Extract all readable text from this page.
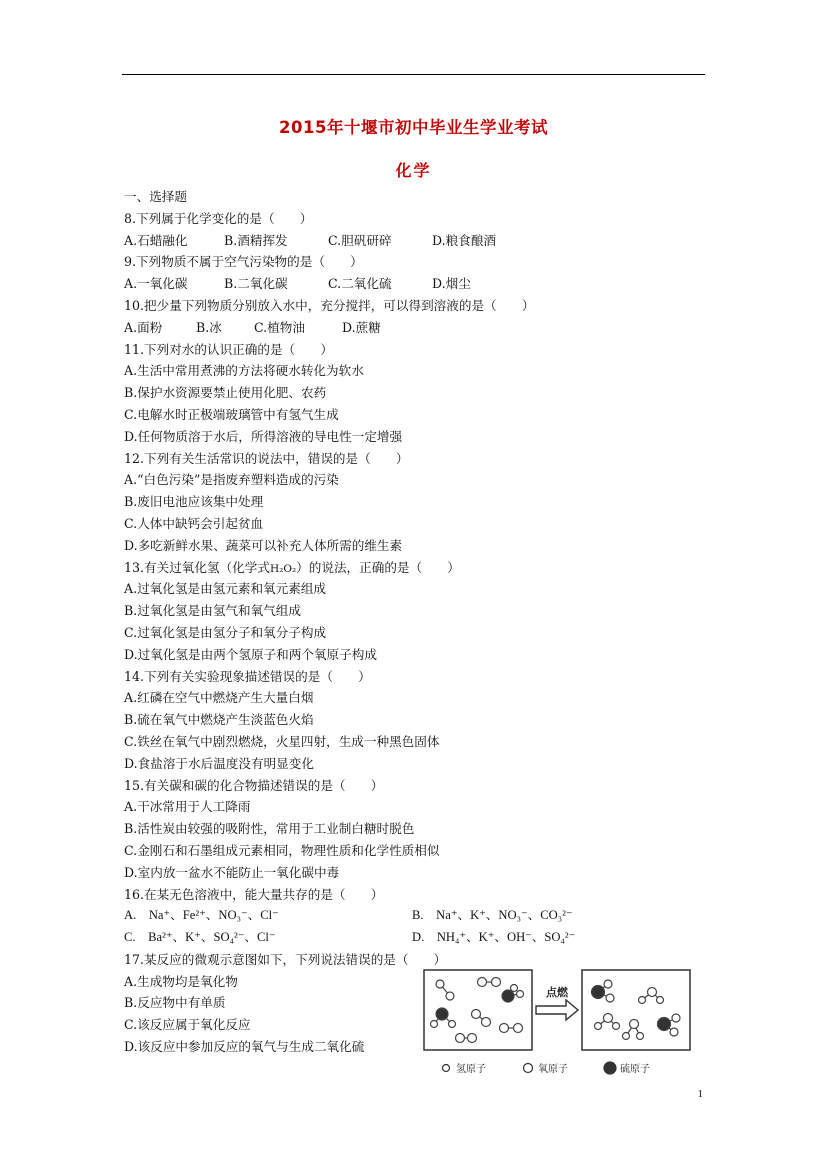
2015年十堰市初中毕业生学业考试
化学
一、选择题
8.下列属于化学变化的是（　　）
A.石蜡融化	B.酒精挥发	C.胆矾研碎	D.粮食酿酒
9.下列物质不属于空气污染物的是（　　）
A.一氧化碳	B.二氧化碳	C.二氧化硫	D.烟尘
10.把少量下列物质分别放入水中，充分搅拌，可以得到溶液的是（　　）
A.面粉	B.冰	C.植物油	D.蔗糖
11.下列对水的认识正确的是（　　）
A.生活中常用煮沸的方法将硬水转化为软水
B.保护水资源要禁止使用化肥、农药
C.电解水时正极端玻璃管中有氢气生成
D.任何物质溶于水后，所得溶液的导电性一定增强
12.下列有关生活常识的说法中，错误的是（　　）
A.“白色污染”是指废弃塑料造成的污染
B.废旧电池应该集中处理
C.人体中缺钙会引起贫血
D.多吃新鲜水果、蔬菜可以补充人体所需的维生素
13.有关过氧化氢（化学式H₂O₂）的说法，正确的是（　　）
A.过氧化氢是由氢元素和氧元素组成
B.过氧化氢是由氢气和氧气组成
C.过氧化氢是由氢分子和氧分子构成
D.过氧化氢是由两个氢原子和两个氧原子构成
14.下列有关实验现象描述错误的是（　　）
A.红磷在空气中燃烧产生大量白烟
B.硫在氧气中燃烧产生淡蓝色火焰
C.铁丝在氧气中剧烈燃烧，火星四射，生成一种黑色固体
D.食盐溶于水后温度没有明显变化
15.有关碳和碳的化合物描述错误的是（　　）
A.干冰常用于人工降雨
B.活性炭由较强的吸附性，常用于工业制白糖时脱色
C.金刚石和石墨组成元素相同，物理性质和化学性质相似
D.室内放一盆水不能防止一氧化碳中毒
16.在某无色溶液中，能大量共存的是（　　）
A.　Na⁺、Fe²⁺、NO₃⁻、Cl⁻	B.　Na⁺、K⁺、NO₃⁻、CO₃²⁻
C.　Ba²⁺、K⁺、SO₄²⁻、Cl⁻	D.　NH₄⁺、K⁺、OH⁻、SO₄²⁻
17.某反应的微观示意图如下，下列说法错误的是（　　）
A.生成物均是氧化物
B.反应物中有单质
C.该反应属于氧化反应
D.该反应中参加反应的氧气与生成二氧化硫
点燃
氢原子	氧原子	硫原子
1
